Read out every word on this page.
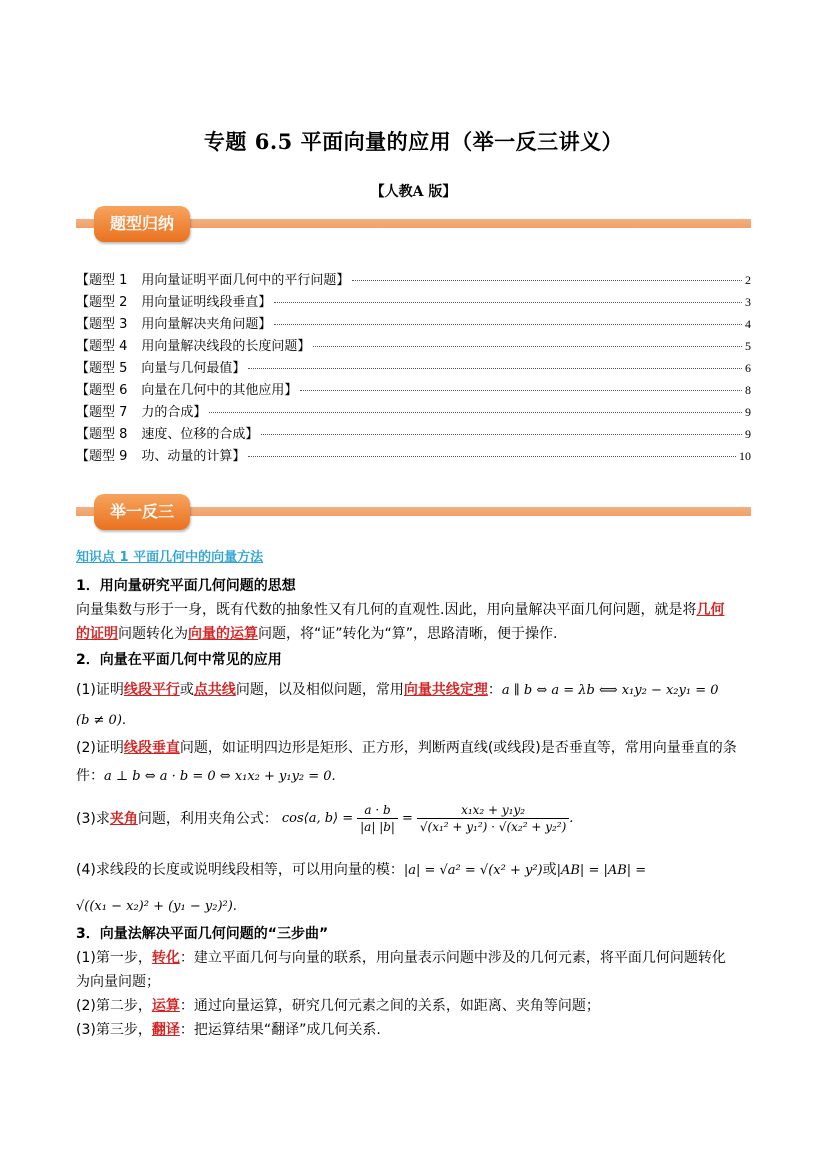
专题 6.5 平面向量的应用（举一反三讲义）
【人教A 版】
题型归纳
【题型 1 用向量证明平面几何中的平行问题】	2
【题型 2 用向量证明线段垂直】	3
【题型 3 用向量解决夹角问题】	4
【题型 4 用向量解决线段的长度问题】	5
【题型 5 向量与几何最值】	6
【题型 6 向量在几何中的其他应用】	8
【题型 7 力的合成】	9
【题型 8 速度、位移的合成】	9
【题型 9 功、动量的计算】	10
举一反三
知识点 1 平面几何中的向量方法
1．用向量研究平面几何问题的思想
向量集数与形于一身，既有代数的抽象性又有几何的直观性.因此，用向量解决平面几何问题，就是将几何
的证明问题转化为向量的运算问题，将“证”转化为“算”，思路清晰，便于操作.
2．向量在平面几何中常见的应用
(1)证明线段平行或点共线问题，以及相似问题，常用向量共线定理：a ∥ b ⇔ a = λb ⟺ x₁y₂ − x₂y₁ = 0
(b ≠ 0).
(2)证明线段垂直问题，如证明四边形是矩形、正方形，判断两直线(或线段)是否垂直等，常用向量垂直的条
件：a ⊥ b ⇔ a · b = 0 ⇔ x₁x₂ + y₁y₂ = 0.
(3)求 夹角 问题，利用夹角公式： cos⟨a, b⟩ = $\frac{a \cdot b}{|a| |b|} = \frac{\text{x₁x₂ + y₁y₂}}{\text{√(x₁² + y₁²) · √(x₂² + y₂²)}}$ .
(4)求线段的长度或说明线段相等，可以用向量的模：|a| = √a² = √(x² + y²)或|AB| = |AB| =
√((x₁ − x₂)² + (y₁ − y₂)²).
3．向量法解决平面几何问题的“三步曲”
(1)第一步，转化：建立平面几何与向量的联系，用向量表示问题中涉及的几何元素，将平面几何问题转化
为向量问题；
(2)第二步，运算：通过向量运算，研究几何元素之间的关系，如距离、夹角等问题；
(3)第三步，翻译：把运算结果“翻译”成几何关系.
